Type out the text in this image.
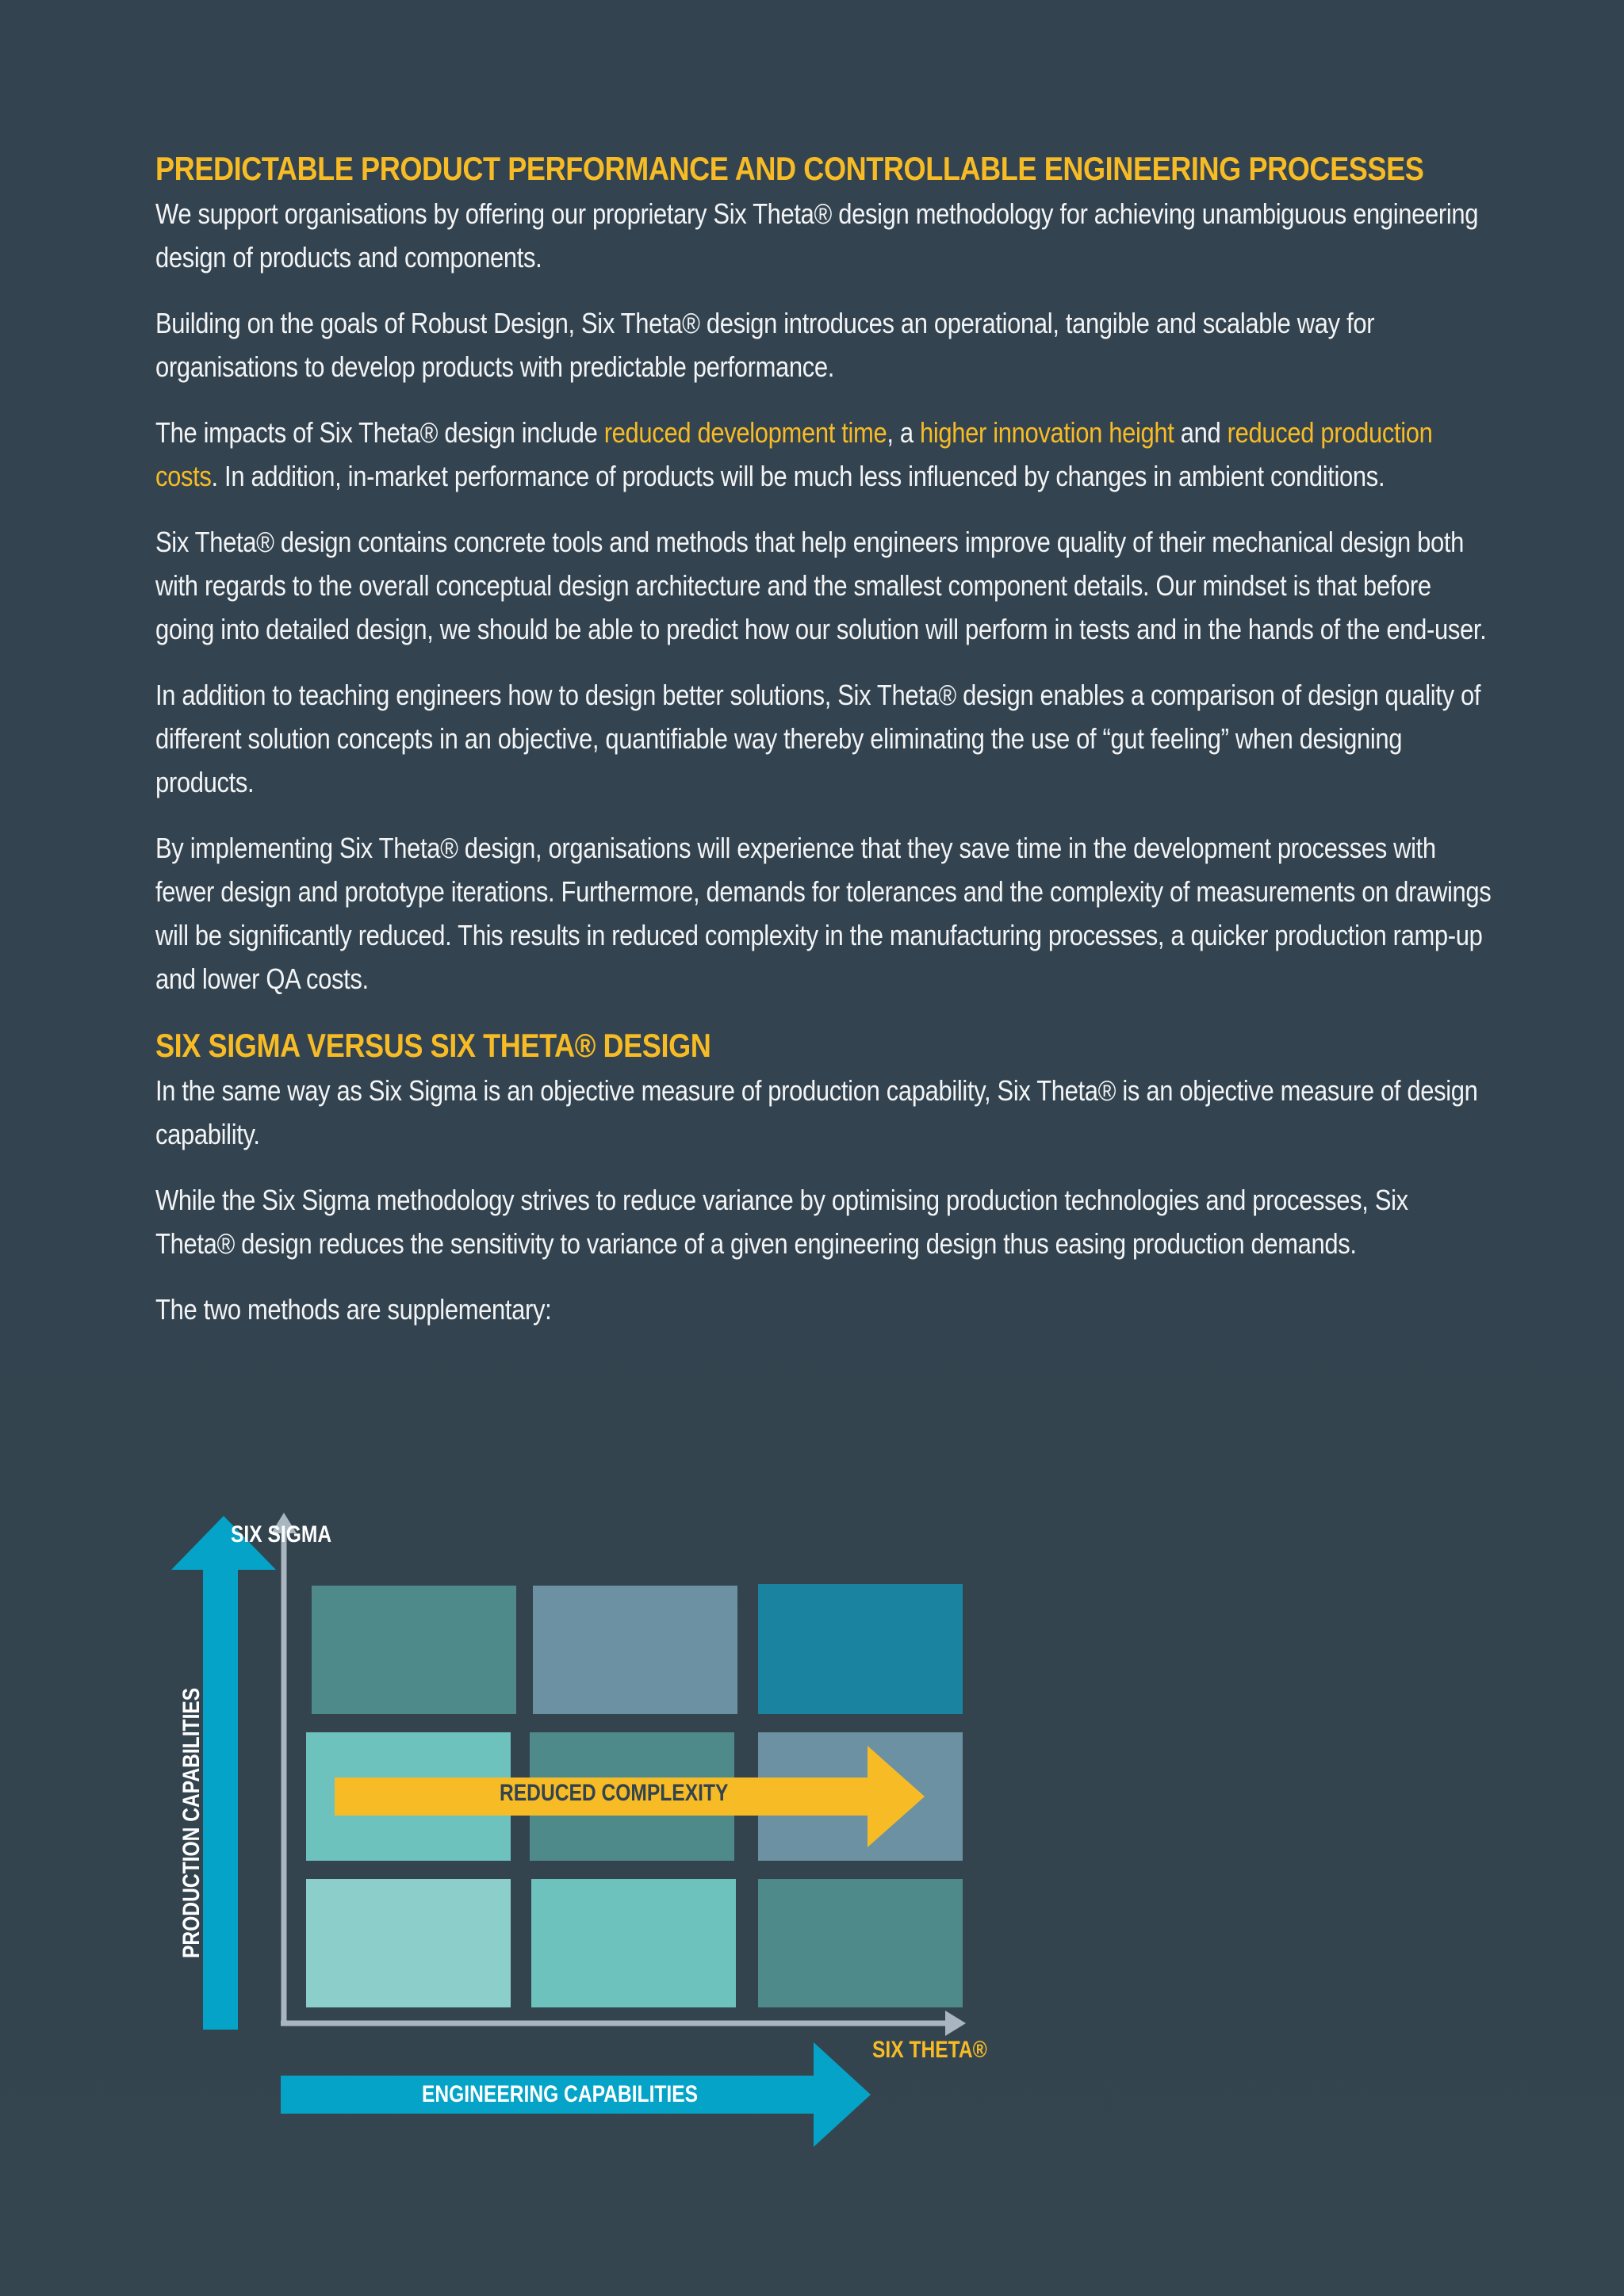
PREDICTABLE PRODUCT PERFORMANCE AND CONTROLLABLE ENGINEERING PROCESSES

We support organisations by offering our proprietary Six Theta® design methodology for achieving unambiguous engineering design of products and components.

Building on the goals of Robust Design, Six Theta® design introduces an operational, tangible and scalable way for organisations to develop products with predictable performance.

The impacts of Six Theta® design include reduced development time, a higher innovation height and reduced production costs. In addition, in-market performance of products will be much less influenced by changes in ambient conditions.

Six Theta® design contains concrete tools and methods that help engineers improve quality of their mechanical design both with regards to the overall conceptual design architecture and the smallest component details. Our mindset is that before going into detailed design, we should be able to predict how our solution will perform in tests and in the hands of the end-user.

In addition to teaching engineers how to design better solutions, Six Theta® design enables a comparison of design quality of different solution concepts in an objective, quantifiable way thereby eliminating the use of “gut feeling” when designing products.

By implementing Six Theta® design, organisations will experience that they save time in the development processes with fewer design and prototype iterations. Furthermore, demands for tolerances and the complexity of measurements on drawings will be significantly reduced. This results in reduced complexity in the manufacturing processes, a quicker production ramp-up and lower QA costs.

SIX SIGMA VERSUS SIX THETA® DESIGN

In the same way as Six Sigma is an objective measure of production capability, Six Theta® is an objective measure of design capability.

While the Six Sigma methodology strives to reduce variance by optimising production technologies and processes, Six Theta® design reduces the sensitivity to variance of a given engineering design thus easing production demands.

The two methods are supplementary:

SIX SIGMA
SIX THETA®
REDUCED COMPLEXITY
ENGINEERING CAPABILITIES
PRODUCTION CAPABILITIES
